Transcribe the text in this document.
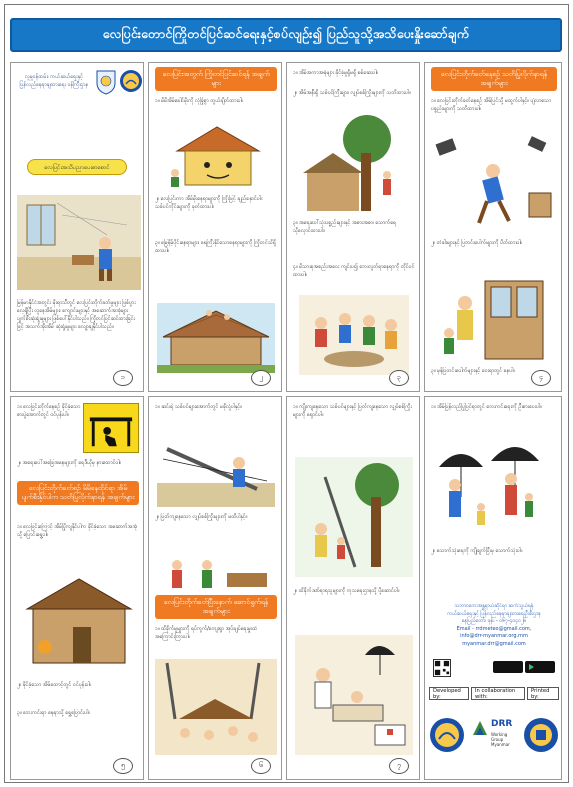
လေပြင်းတောင်ကြိုတင်ပြင်ဆင်ရေးနှင့်စပ်လျဉ်း၍ ပြည်သူသို့အသိပေးနှိုးဆော်ချက်
လူမှုဝန်ထမ်း၊ ကယ်ဆယ်ရေးနှင့်
ပြန်လည်နေရာချထားရေး ဝန်ကြီးဌာန
လေပြင်းအသိပညာပေးစာစောင်
မြန်မာနိုင်ငံအတွင်း မိုးရာသီတွင် လေပြင်းတိုက်ခတ်မှုများ ဖြစ်ပွားလေ့ရှိပြီး လူနေအိမ်များ၊ ကျောင်းများနှင့် အဆောက်အအုံများ ပျက်စီးဆုံးရှုံးမှုများ ဖြစ်ပေါ်နိုင်ပါသည်။ ကြိုတင်ပြင်ဆင်ထားခြင်းဖြင့် အသက်အိုးအိမ် ဆုံးရှုံးမှုများ လျော့ချနိုင်ပါသည်။
၁
လေပြင်းအတွက် ကြိုတင်ပြင်ဆင်ရန် အချက်များ
၁။ မိမိအိမ်ခေါင်မိုးကို လုံခြုံစွာ တွယ်ချိတ်ထားပါ။
၂။ လေပြင်းကာ အိမ်မိုးနေရာများကို ကြိုးဖြင့် ချည်နှောင်ပါ။ သစ်ပင်ကိုင်းများကို ခုတ်ထားပါ။
၃။ မြေနိမ့်ပိုင်းနေရာများ၊ ရေကြီးနိုင်သောနေရာများကို ကြိုတင်သိရှိထားပါ။
၂
၁။ အိမ်အကာအရံများ ခိုင်ခံ့မှုရှိမရှိ စစ်ဆေးပါ။
၂။ အိမ်အနီးရှိ သစ်ပင်ကြီးများ၊ လျှပ်စစ်ကြိုးများကို သတိထားပါ။
၃။ အရေးပေါ်သုံးပစ္စည်းများနှင့် အစားအစာ၊ သောက်ရေ သိုလှောင်ထားပါ။
၄။ မိသားစုအစည်းအဝေး ကျင်းပ၍ ဘေးလွတ်ရာနေရာကို တိုင်ပင်ထားပါ။
၃
လေပြင်းတိုက်ခတ်နေစဉ် သတိပြုလိုက်နာရန် အချက်များ
၁။ လေပြင်းတိုက်ခတ်နေစဉ် အိမ်ပြင်သို့ မထွက်ပါနှင့်။ ပျံလာသောပစ္စည်းများကို သတိထားပါ။
၂။ တံခါးများနှင့် ပြတင်းပေါက်များကို ပိတ်ထားပါ။
၃။ မှန်ပြတင်းပေါက်များနှင့် ဝေးရာတွင် နေပါ။
၄
၁။ လေပြင်းတိုက်နေစဉ် ခိုင်ခံ့သော စားပွဲအောက်တွင် ဝင်ပုန်းပါ။
၂။ အရေးပေါ်အခြေအနေများကို ရေဒီယိုမှ နားထောင်ပါ။
လေပြင်းတိုက်ခတ်စဉ် မိမိနေထိုင်ရာ အိမ်ပျက်စီးနိုင်ပါက သတိပြုလိုက်နာရန် အချက်များ
၁။ လေပြင်းကြောင့် အိမ်ပြိုကျနိုင်ပါက ခိုင်ခံ့သော အဆောက်အအုံသို့ ပြောင်းရွှေ့ပါ။
၂။ ခိုင်ခံ့သော အိမ်ထောင့်တွင် ဝင်ပုန်းပါ။
၃။ ဘေးကင်းရာ နေရာသို့ ရွှေ့ပြောင်းပါ။
၅
၁။ ဆင်းရဲ သစ်ပင်များအောက်တွင် မခိုလှုံပါနှင့်။
၂။ ပြတ်ကျနေသော လျှပ်စစ်ကြိုးများကို မထိပါနှင့်။
လေပြင်းတိုက်ခတ်ပြီးနောက် ဆောင်ရွက်ရန် အချက်များ
၁။ ထိခိုက်မှုများကို ရပ်ကွက်/ကျေးရွာ အုပ်ချုပ်ရေးမှူးထံ အကြောင်းကြားပါ။
၆
၁။ ကျိုးကျနေသော သစ်ပင်များနှင့် ပြတ်ကျနေသော လျှပ်စစ်ကြိုးများကို ရှောင်ပါ။
၂။ ထိခိုက်ဒဏ်ရာရသူများကို ကုသရေးဌာနသို့ ပို့ဆောင်ပါ။
၇
၁။ အိမ်ပြန်လည်ပြုပြင်ရာတွင် ဘေးကင်းရေးကို ဦးစားပေးပါ။
၂။ သောက်သုံးရေကို ကျိုချက်ပြီးမှ သောက်သုံးပါ။
သဘာဝဘေးအန္တရာယ်ဆိုင်ရာ ဆက်သွယ်ရန်
ကယ်ဆယ်ရေးနှင့် ပြန်လည်နေရာချထားရေးဦးစီးဌာန
နေပြည်တော်၊ ဖုန်း - ၀၆၇-၄၀၄၀၂၆
Email - rrdmeteo@gmail.com,
info@drr-myanmar.org.mm
myanmar.drr@gmail.com
Developed by:
In collaboration with:
Printed by:
DRR
Working Group Myanmar
